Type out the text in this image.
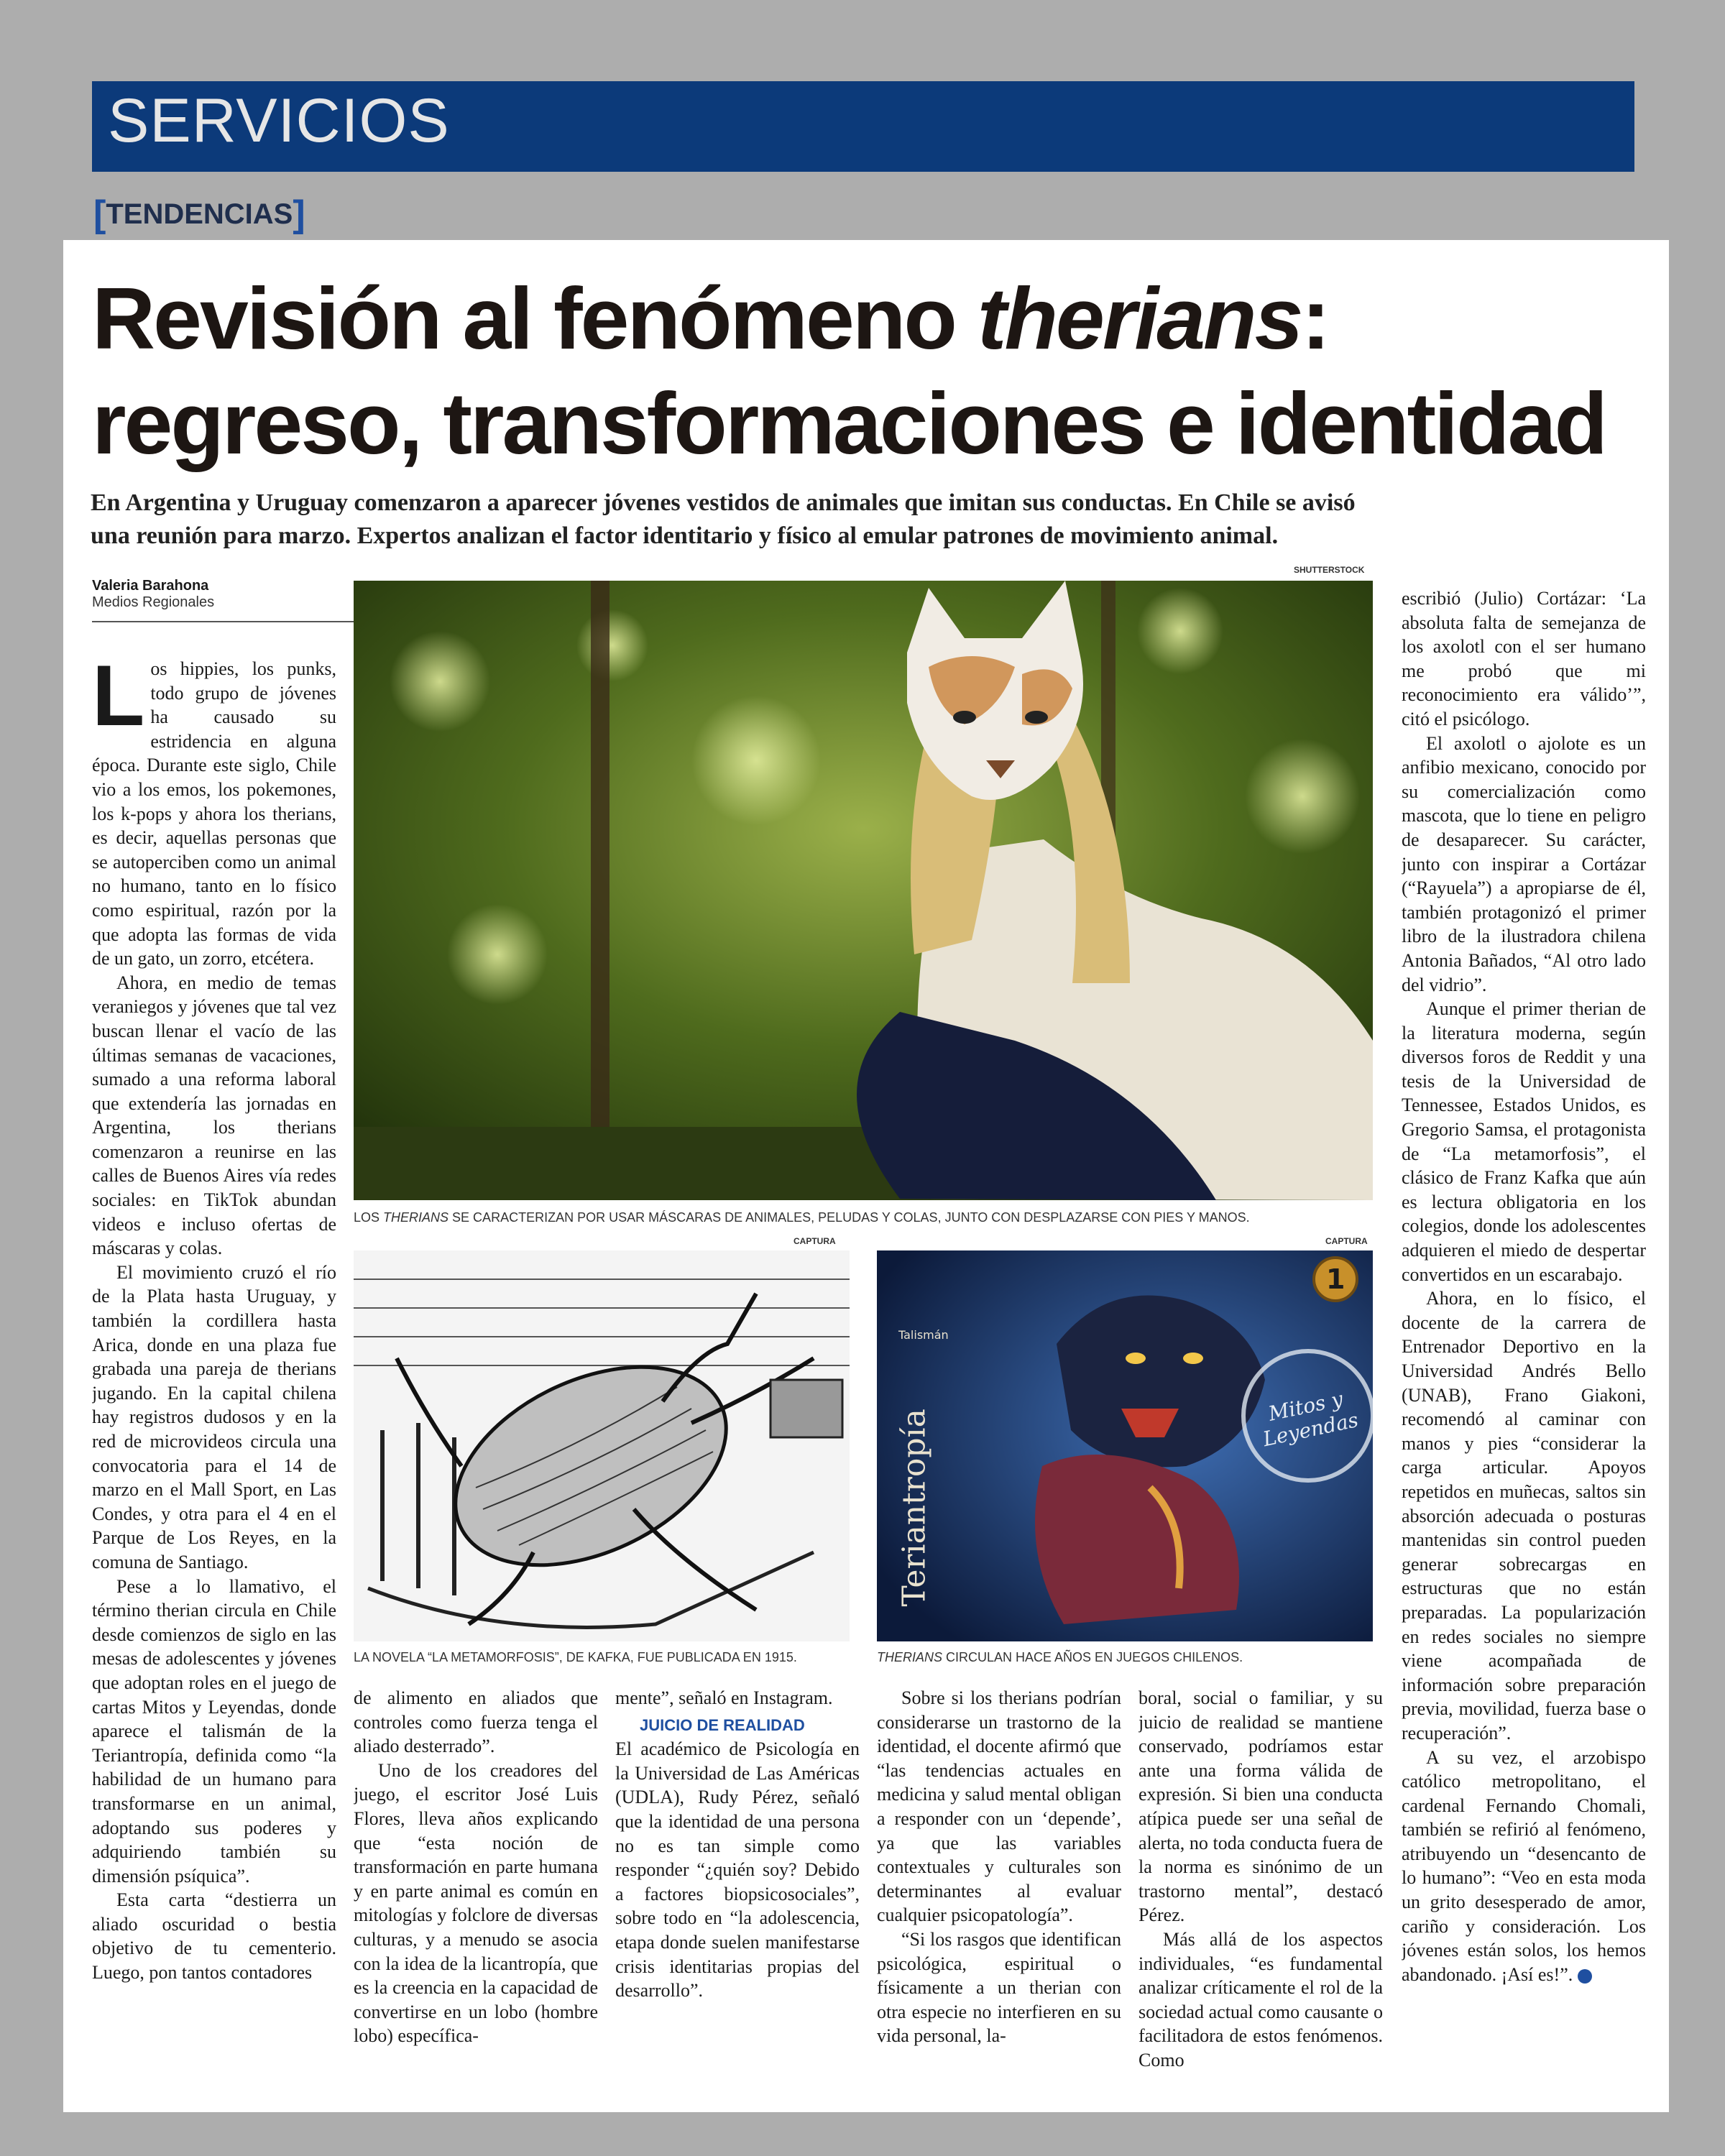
SERVICIOS
[TENDENCIAS]
Revisión al fenómeno therians:
regreso, transformaciones e identidad
En Argentina y Uruguay comenzaron a aparecer jóvenes vestidos de animales que imitan sus conductas. En Chile se avisó
una reunión para marzo. Expertos analizan el factor identitario y físico al emular patrones de movimiento animal.
Valeria Barahona
Medios Regionales

Los hippies, los punks, todo grupo de jóvenes ha causado su estridencia en alguna época. Durante este siglo, Chile vio a los emos, los pokemones, los k-pops y ahora los therians, es decir, aquellas personas que se autoperciben como un animal no humano, tanto en lo físico como espiritual, razón por la que adopta las formas de vida de un gato, un zorro, etcétera.

Ahora, en medio de temas veraniegos y jóvenes que tal vez buscan llenar el vacío de las últimas semanas de vacaciones, sumado a una reforma laboral que extendería las jornadas en Argentina, los therians comenzaron a reunirse en las calles de Buenos Aires vía redes sociales: en TikTok abundan videos e incluso ofertas de máscaras y colas.

El movimiento cruzó el río de la Plata hasta Uruguay, y también la cordillera hasta Arica, donde en una plaza fue grabada una pareja de therians jugando. En la capital chilena hay registros dudosos y en la red de microvideos circula una convocatoria para el 14 de marzo en el Mall Sport, en Las Condes, y otra para el 4 en el Parque de Los Reyes, en la comuna de Santiago.

Pese a lo llamativo, el término therian circula en Chile desde comienzos de siglo en las mesas de adolescentes y jóvenes que adoptan roles en el juego de cartas Mitos y Leyendas, donde aparece el talismán de la Teriantropía, definida como “la habilidad de un humano para transformarse en un animal, adoptando sus poderes y adquiriendo también su dimensión psíquica”.

Esta carta “destierra un aliado oscuridad o bestia objetivo de tu cementerio. Luego, pon tantos contadores

SHUTTERSTOCK
LOS THERIANS SE CARACTERIZAN POR USAR MÁSCARAS DE ANIMALES, PELUDAS Y COLAS, JUNTO CON DESPLAZARSE CON PIES Y MANOS.
CAPTURA
LA NOVELA “LA METAMORFOSIS”, DE KAFKA, FUE PUBLICADA EN 1915.
CAPTURA
Teriantropía
Talismán
1
Mitos y Leyendas
THERIANS CIRCULAN HACE AÑOS EN JUEGOS CHILENOS.

de alimento en aliados que controles como fuerza tenga el aliado desterrado”.

Uno de los creadores del juego, el escritor José Luis Flores, lleva años explicando que “esta noción de transformación en parte humana y en parte animal es común en mitologías y folclore de diversas culturas, y a menudo se asocia con la idea de la licantropía, que es la creencia en la capacidad de convertirse en un lobo (hombre lobo) específica-

mente”, señaló en Instagram.

JUICIO DE REALIDAD

El académico de Psicología en la Universidad de Las Américas (UDLA), Rudy Pérez, señaló que la identidad de una persona no es tan simple como responder “¿quién soy? Debido a factores biopsicosociales”, sobre todo en “la adolescencia, etapa donde suelen manifestarse crisis identitarias propias del desarrollo”.

Sobre si los therians podrían considerarse un trastorno de la identidad, el docente afirmó que “las tendencias actuales en medicina y salud mental obligan a responder con un ‘depende’, ya que las variables contextuales y culturales son determinantes al evaluar cualquier psicopatología”.

“Si los rasgos que identifican psicológica, espiritual o físicamente a un therian con otra especie no interfieren en su vida personal, la-

boral, social o familiar, y su juicio de realidad se mantiene conservado, podríamos estar ante una forma válida de expresión. Si bien una conducta atípica puede ser una señal de alerta, no toda conducta fuera de la norma es sinónimo de un trastorno mental”, destacó Pérez.

Más allá de los aspectos individuales, “es fundamental analizar críticamente el rol de la sociedad actual como causante o facilitadora de estos fenómenos. Como

escribió (Julio) Cortázar: ‘La absoluta falta de semejanza de los axolotl con el ser humano me probó que mi reconocimiento era válido’”, citó el psicólogo.

El axolotl o ajolote es un anfibio mexicano, conocido por su comercialización como mascota, que lo tiene en peligro de desaparecer. Su carácter, junto con inspirar a Cortázar (“Rayuela”) a apropiarse de él, también protagonizó el primer libro de la ilustradora chilena Antonia Bañados, “Al otro lado del vidrio”.

Aunque el primer therian de la literatura moderna, según diversos foros de Reddit y una tesis de la Universidad de Tennessee, Estados Unidos, es Gregorio Samsa, el protagonista de “La metamorfosis”, el clásico de Franz Kafka que aún es lectura obligatoria en los colegios, donde los adolescentes adquieren el miedo de despertar convertidos en un escarabajo.

Ahora, en lo físico, el docente de la carrera de Entrenador Deportivo en la Universidad Andrés Bello (UNAB), Frano Giakoni, recomendó al caminar con manos y pies “considerar la carga articular. Apoyos repetidos en muñecas, saltos sin absorción adecuada o posturas mantenidas sin control pueden generar sobrecargas en estructuras que no están preparadas. La popularización en redes sociales no siempre viene acompañada de información sobre preparación previa, movilidad, fuerza base o recuperación”.

A su vez, el arzobispo católico metropolitano, el cardenal Fernando Chomali, también se refirió al fenómeno, atribuyendo un “desencanto de lo humano”: “Veo en esta moda un grito desesperado de amor, cariño y consideración. Los jóvenes están solos, los hemos abandonado. ¡Así es!”.	✪
